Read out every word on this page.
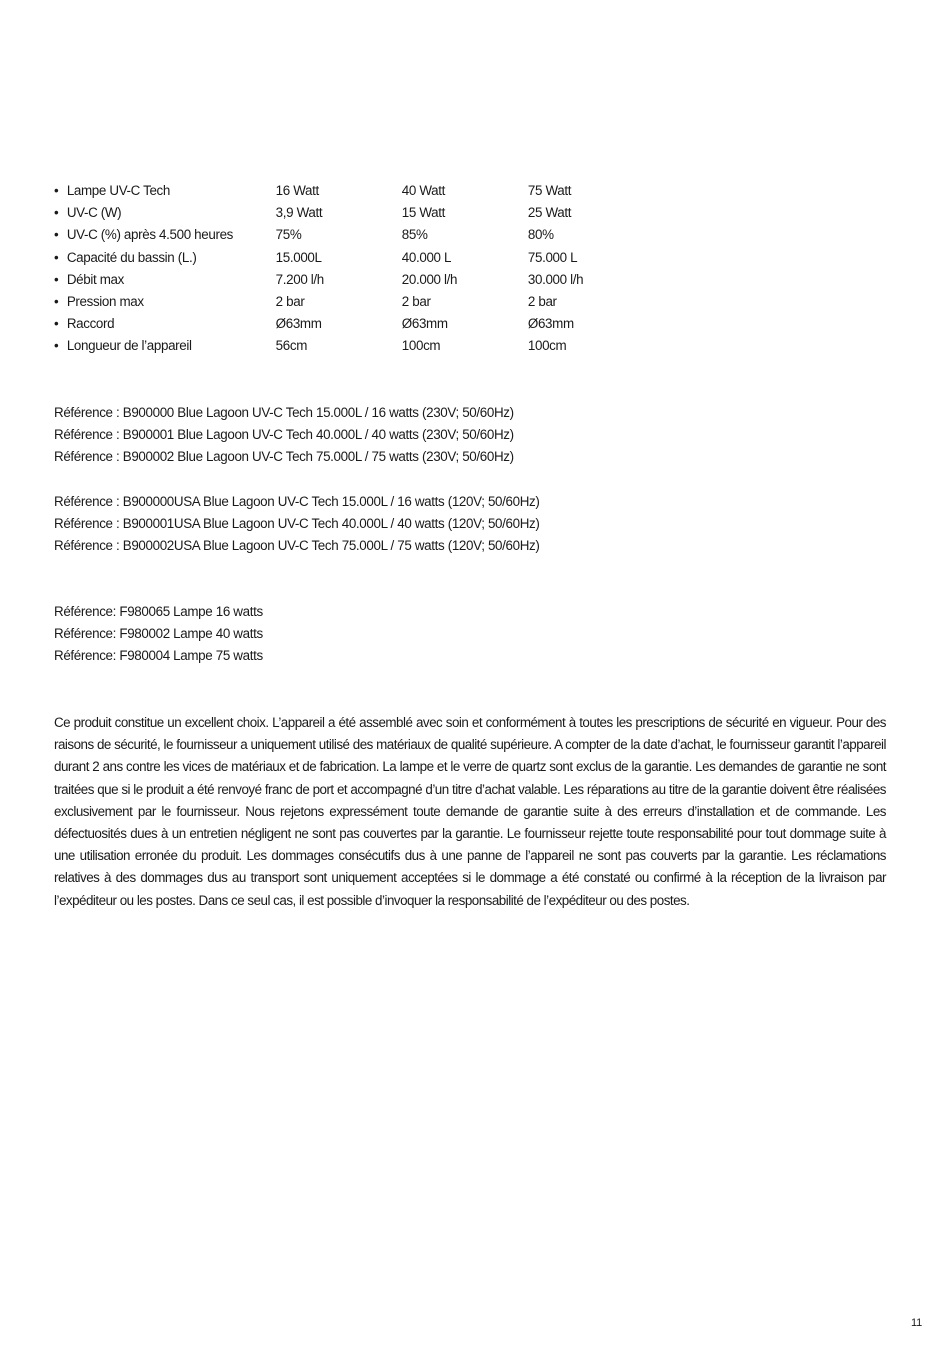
• Lampe UV-C Tech	16 Watt	40 Watt	75 Watt
• UV-C (W)	3,9 Watt	15 Watt	25 Watt
• UV-C (%) après 4.500 heures	75%	85%	80%
• Capacité du bassin (L.)	15.000L	40.000 L	75.000 L
• Débit max	7.200 l/h	20.000 l/h	30.000 l/h
• Pression max	2 bar	2 bar	2 bar
• Raccord	Ø63mm	Ø63mm	Ø63mm
• Longueur de l’appareil	56cm	100cm	100cm

Référence : B900000 Blue Lagoon UV-C Tech 15.000L / 16 watts (230V; 50/60Hz)

Référence : B900001 Blue Lagoon UV-C Tech 40.000L / 40 watts (230V; 50/60Hz)

Référence : B900002 Blue Lagoon UV-C Tech 75.000L / 75 watts (230V; 50/60Hz)

Référence : B900000USA Blue Lagoon UV-C Tech 15.000L / 16 watts (120V; 50/60Hz)

Référence : B900001USA Blue Lagoon UV-C Tech 40.000L / 40 watts (120V; 50/60Hz)

Référence : B900002USA Blue Lagoon UV-C Tech 75.000L / 75 watts (120V; 50/60Hz)

Référence: F980065 Lampe 16 watts

Référence: F980002 Lampe 40 watts

Référence: F980004 Lampe 75 watts

Ce produit constitue un excellent choix. L’appareil a été assemblé avec soin et conformément à toutes les prescriptions de sécurité en vigueur. Pour des raisons de sécurité, le fournisseur a uniquement utilisé des matériaux de qualité supérieure. A compter de la date d’achat, le fournisseur garantit l’appareil durant 2 ans contre les vices de matériaux et de fabrication. La lampe et le verre de quartz sont exclus de la garantie. Les demandes de garantie ne sont traitées que si le produit a été renvoyé franc de port et accompagné d’un titre d’achat valable. Les réparations au titre de la garantie doivent être réalisées exclusivement par le fournisseur. Nous rejetons expressément toute demande de garantie suite à des erreurs d’installation et de commande. Les défectuosités dues à un entretien négligent ne sont pas couvertes par la garantie. Le fournisseur rejette toute responsabilité pour tout dommage suite à une utilisation erronée du produit. Les dommages consécutifs dus à une panne de l’appareil ne sont pas couverts par la garantie. Les réclamations relatives à des dommages dus au transport sont uniquement acceptées si le dommage a été constaté ou confirmé à la réception de la livraison par l’expéditeur ou les postes. Dans ce seul cas, il est possible d’invoquer la responsabilité de l’expéditeur ou des postes.

11
